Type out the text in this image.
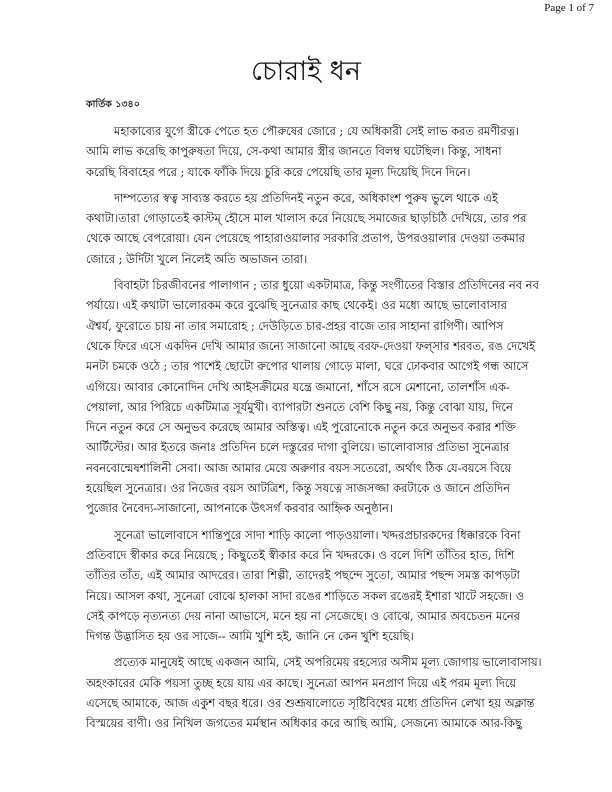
Page 1 of 7
চোরাই ধন
কার্তিক ১৩৪০
মহাকাব্যের যুগে স্ত্রীকে পেতে হত পৌরুষের জোরে ; যে অধিকারী সেই লাভ করত রমণীরত্ন।
আমি লাভ করেছি কাপুরুষতা দিয়ে, সে-কথা আমার স্ত্রীর জানতে বিলম্ব ঘটেছিল। কিন্তু, সাধনা
করেছি বিবাহের পরে ; যাকে ফাঁকি দিয়ে চুরি করে পেয়েছি তার মূল্য দিয়েছি দিনে দিনে।
দাম্পত্যের স্বত্ব সাব্যস্ত করতে হয় প্রতিদিনই নতুন করে, অধিকাংশ পুরুষ ভুলে থাকে এই
কথাটা।তারা গোড়াতেই কাস্টম্‌ হৌসে মাল খালাস করে নিয়েছে সমাজের ছাড়চিঠি দেখিয়ে, তার পর
থেকে আছে বেপরোয়া। যেন পেয়েছে পাহারাওয়ালার সরকারি প্রতাপ, উপরওয়ালার দেওয়া তকমার
জোরে ; উর্দিটা খুলে নিলেই অতি অভাজন তারা।
বিবাহটা চিরজীবনের পালাগান ; তার ধুয়ো একটামাত্র, কিন্তু সংগীতের বিস্তার প্রতিদিনের নব নব
পর্যায়ে। এই কথাটা ভালোরকম করে বুঝেছি সুনেত্রার কাছ থেকেই। ওর মধ্যে আছে ভালোবাসার
ঐশ্বর্য, ফুরোতে চায় না তার সমারোহ ; দেউড়িতে চার-প্রহর বাজে তার সাহানা রাগিণী। আপিস
থেকে ফিরে এসে একদিন দেখি আমার জন্যে সাজানো আছে বরফ-দেওয়া ফল্‌সার শরবত, রঙ দেখেই
মনটা চমকে ওঠে ; তার পাশেই ছোটো রুপোর থালায় গোড়ে মালা, ঘরে ঢোকবার আগেই গন্ধ আসে
এগিয়ে। আবার কোনোদিন দেখি আইসক্রীমের যন্ত্রে জমানো, শাঁসে রসে মেশানো, তালশাঁস এক-
পেয়ালা, আর পিরিচে একটিমাত্র সূর্যমুখী। ব্যাপারটা শুনতে বেশি কিছু নয়, কিন্তু বোঝা যায়, দিনে
দিনে নতুন করে সে অনুভব করেছে আমার অস্তিত্ব। এই পুরোনোকে নতুন করে অনুভব করার শক্তি
আর্টিস্টের। আর ইতরে জনাঃ প্রতিদিন চলে দস্তুরের দাগা বুলিয়ে। ভালোবাসার প্রতিভা সুনেত্রার
নবনবোন্মেষশালিনী সেবা। আজ আমার মেয়ে অরুণার বয়স সতেরো, অর্থাৎ ঠিক যে-বয়সে বিয়ে
হয়েছিল সুনেত্রার। ওর নিজের বয়স আটত্রিশ, কিন্তু সযত্নে সাজসজ্জা করটাকে ও জানে প্রতিদিন
পুজোর নৈবেদ্য-সাজানো, আপনাকে উৎসর্গ করবার আহ্নিক অনুষ্ঠান।
সুনেত্রা ভালোবাসে শান্তিপুরে সাদা শাড়ি কালো পাড়ওয়ালা। খদ্দরপ্রচারকদের ধিক্কারকে বিনা
প্রতিবাদে স্বীকার করে নিয়েছে ; কিছুতেই স্বীকার করে নি খদ্দরকে। ও বলে দিশি তাঁতির হাত, দিশি
তাঁতির তাঁত, এই আমার আদরের। তারা শিল্পী, তাদেরই পছন্দে সুতো, আমার পছন্দ সমস্ত কাপড়টা
নিয়ে। আসল কথা, সুনেত্রা বোঝে হালকা সাদা রঙের শাড়িতে সকল রঙেরই ইশারা খাটে সহজে। ও
সেই কাপড়ে নৃত্যনত্য দেয় নানা আভাসে, মনে হয় না সেজেছে। ও বোঝে, আমার অবচেতন মনের
দিগন্ত উদ্ভাসিত হয় ওর সাজে-- আমি খুশি হই, জানি নে কেন খুশি হয়েছি।
প্রত্যেক মানুষেই আছে একজন আমি, সেই অপরিমেয় রহস্যের অসীম মূল্য জোগায় ভালোবাসায়।
অহংকারের মেকি পয়সা তুচ্ছ হয়ে যায় এর কাছে। সুনেত্রা আপন মনপ্রাণ দিয়ে এই পরম মূল্য দিয়ে
এসেছে আমাকে, আজ একুশ বছর ধরে। ওর শুশ্রূষালোতে সৃষ্টিবিশ্বের মধ্যে প্রতিদিন লেখা হয় অক্লান্ত
বিস্ময়ের বাণী। ওর নিখিল জগতের মর্মস্থান অধিকার করে আছি আমি, সেজন্যে আমাকে আর-কিছু
